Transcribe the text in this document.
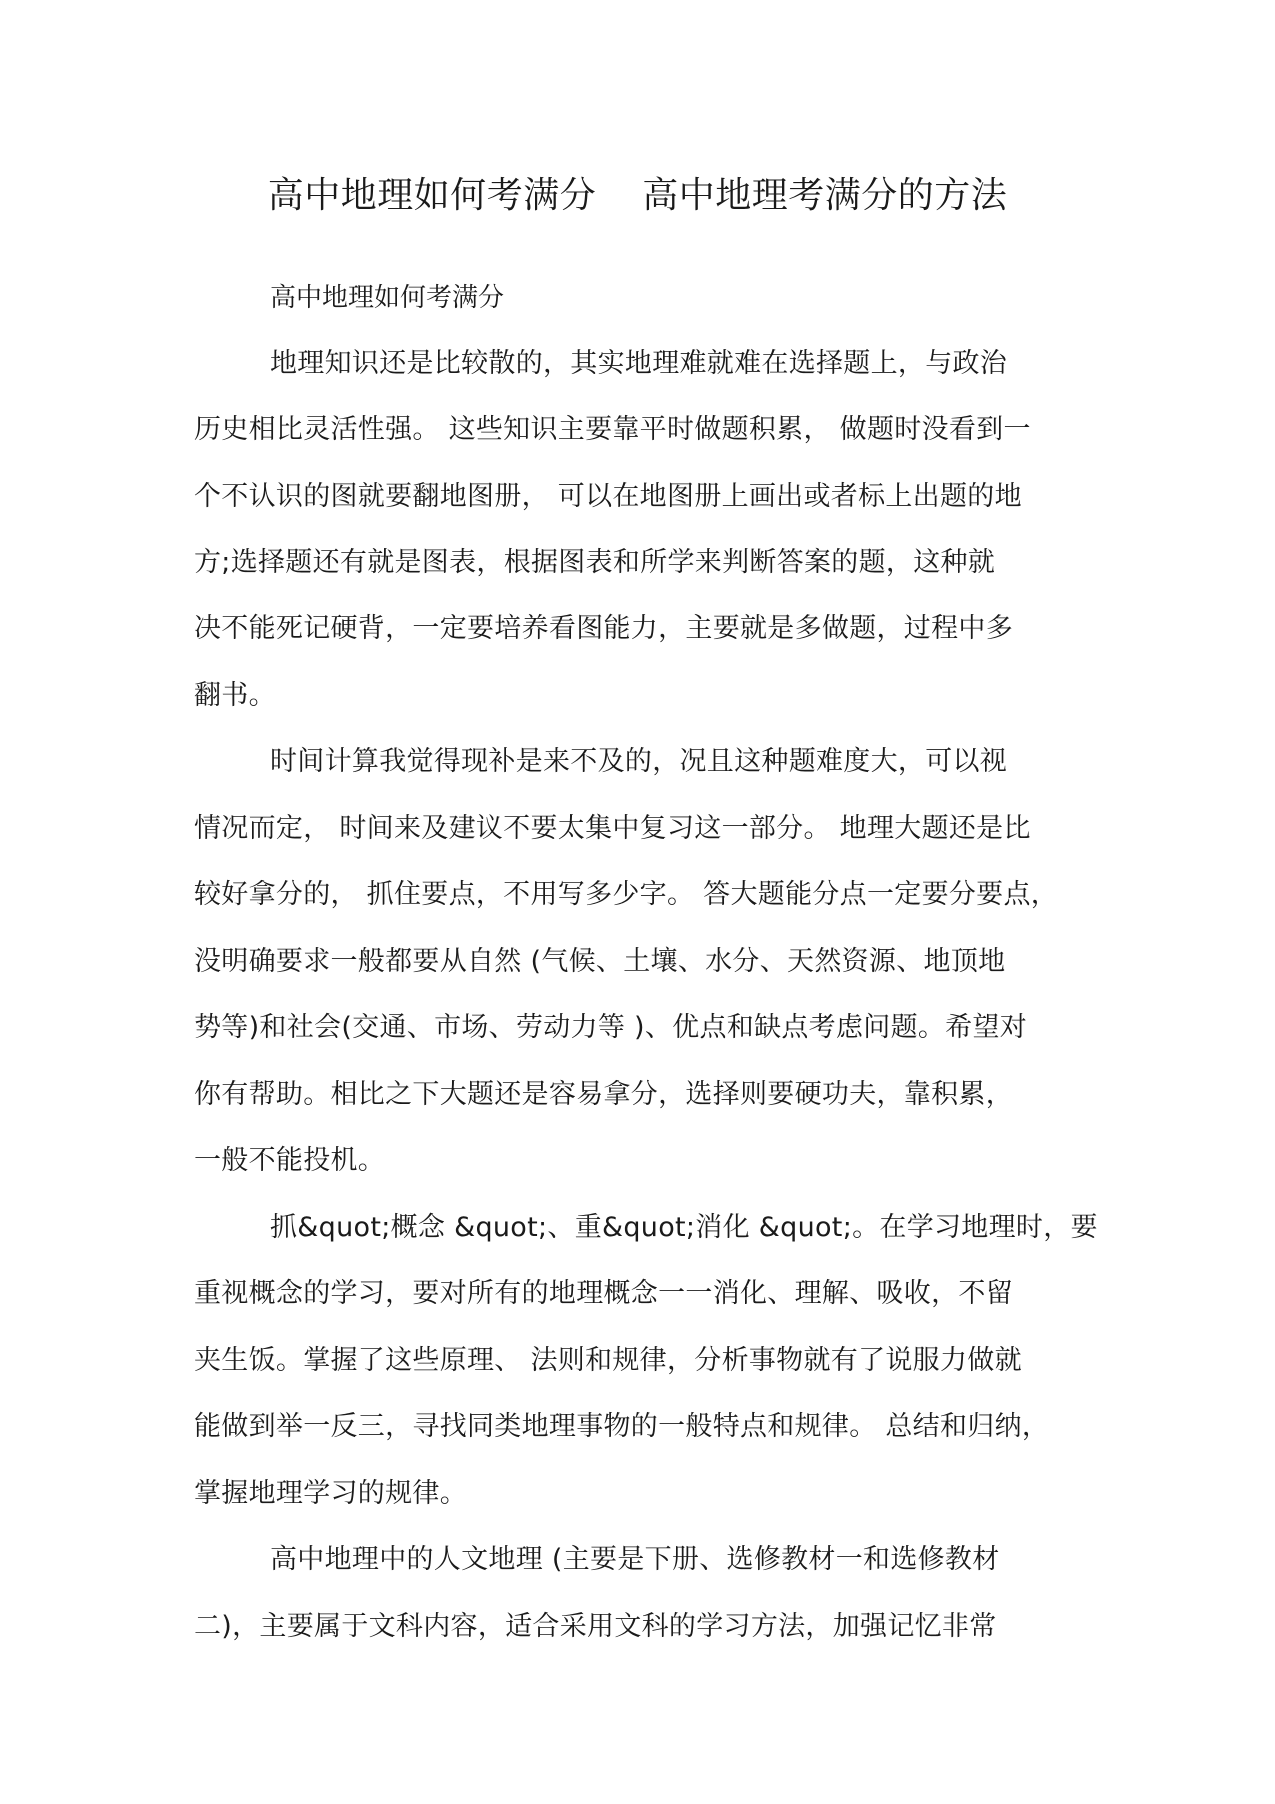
高中地理如何考满分 高中地理考满分的方法
高中地理如何考满分
地理知识还是比较散的，其实地理难就难在选择题上，与政治
历史相比灵活性强。 这些知识主要靠平时做题积累， 做题时没看到一
个不认识的图就要翻地图册， 可以在地图册上画出或者标上出题的地
方;选择题还有就是图表，根据图表和所学来判断答案的题，这种就
决不能死记硬背，一定要培养看图能力，主要就是多做题，过程中多
翻书。
时间计算我觉得现补是来不及的，况且这种题难度大，可以视
情况而定， 时间来及建议不要太集中复习这一部分。 地理大题还是比
较好拿分的， 抓住要点，不用写多少字。 答大题能分点一定要分要点，
没明确要求一般都要从自然 (气候、土壤、水分、天然资源、地顶地
势等)和社会(交通、市场、劳动力等 )、优点和缺点考虑问题。希望对
你有帮助。相比之下大题还是容易拿分，选择则要硬功夫，靠积累，
一般不能投机。
抓&quot;概念 &quot;、重&quot;消化 &quot;。在学习地理时，要
重视概念的学习，要对所有的地理概念一一消化、理解、吸收，不留
夹生饭。掌握了这些原理、 法则和规律，分析事物就有了说服力做就
能做到举一反三，寻找同类地理事物的一般特点和规律。 总结和归纳，
掌握地理学习的规律。
高中地理中的人文地理 (主要是下册、选修教材一和选修教材
二)，主要属于文科内容，适合采用文科的学习方法，加强记忆非常
